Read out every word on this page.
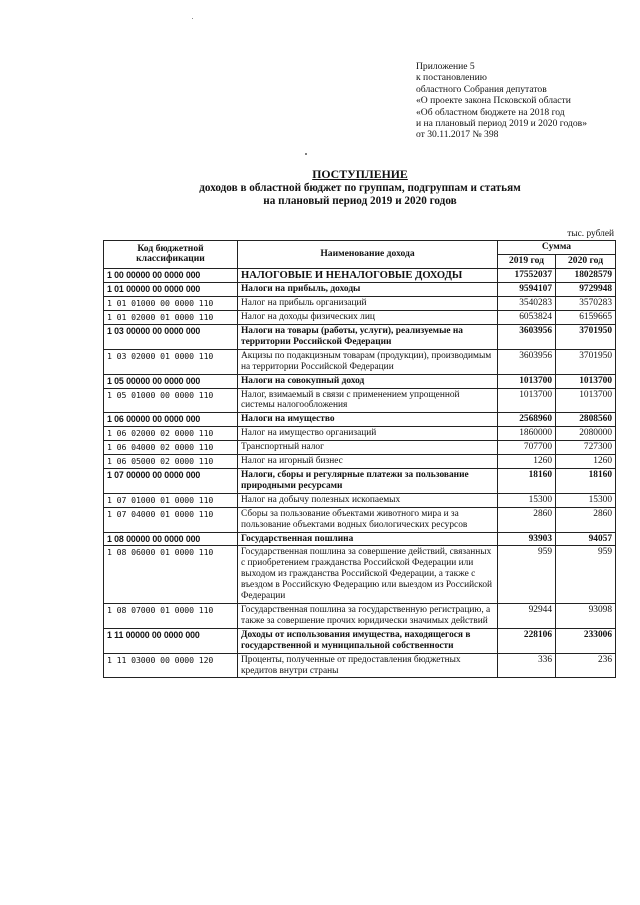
Приложение 5
к постановлению
областного Собрания депутатов
«О проекте закона Псковской области
«Об областном бюджете на 2018 год
и на плановый период 2019 и 2020 годов»
от 30.11.2017 № 398
ПОСТУПЛЕНИЕ
доходов в областной бюджет по группам, подгруппам и статьям
на плановый период 2019 и 2020 годов
тыс. рублей
Код бюджетной классификации	Наименование дохода	Сумма	
		2019 год	2020 год
1 00 00000 00 0000 000	НАЛОГОВЫЕ И НЕНАЛОГОВЫЕ ДОХОДЫ	17552037	18028579
1 01 00000 00 0000 000	Налоги на прибыль, доходы	9594107	9729948
1 01 01000 00 0000 110	Налог на прибыль организаций	3540283	3570283
1 01 02000 01 0000 110	Налог на доходы физических лиц	6053824	6159665
1 03 00000 00 0000 000	Налоги на товары (работы, услуги), реализуемые на территории Российской Федерации	3603956	3701950
1 03 02000 01 0000 110	Акцизы по подакцизным товарам (продукции), производимым на территории Российской Федерации	3603956	3701950
1 05 00000 00 0000 000	Налоги на совокупный доход	1013700	1013700
1 05 01000 00 0000 110	Налог, взимаемый в связи с применением упрощенной системы налогообложения	1013700	1013700
1 06 00000 00 0000 000	Налоги на имущество	2568960	2808560
1 06 02000 02 0000 110	Налог на имущество организаций	1860000	2080000
1 06 04000 02 0000 110	Транспортный налог	707700	727300
1 06 05000 02 0000 110	Налог на игорный бизнес	1260	1260
1 07 00000 00 0000 000	Налоги, сборы и регулярные платежи за пользование природными ресурсами	18160	18160
1 07 01000 01 0000 110	Налог на добычу полезных ископаемых	15300	15300
1 07 04000 01 0000 110	Сборы за пользование объектами животного мира и за пользование объектами водных биологических ресурсов	2860	2860
1 08 00000 00 0000 000	Государственная пошлина	93903	94057
1 08 06000 01 0000 110	Государственная пошлина за совершение действий, связанных с приобретением гражданства Российской Федерации или выходом из гражданства Российской Федерации, а также с въездом в Российскую Федерацию или выездом из Российской Федерации	959	959
1 08 07000 01 0000 110	Государственная пошлина за государственную регистрацию, а также за совершение прочих юридически значимых действий	92944	93098
1 11 00000 00 0000 000	Доходы от использования имущества, находящегося в государственной и муниципальной собственности	228106	233006
1 11 03000 00 0000 120	Проценты, полученные от предоставления бюджетных кредитов внутри страны	336	236
